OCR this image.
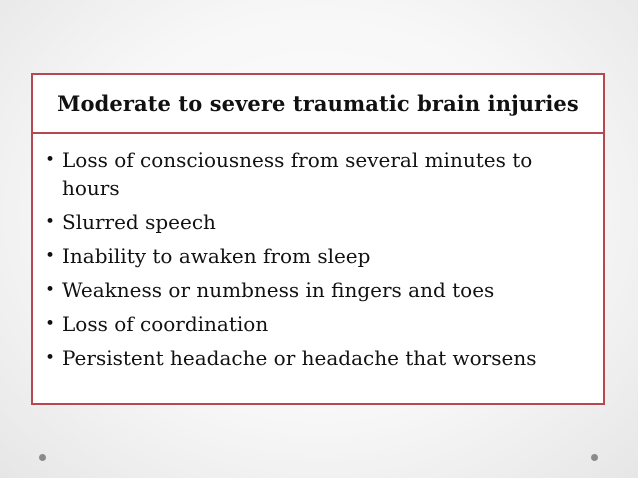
Moderate to severe traumatic brain injuries
• Loss of consciousness from several minutes to hours
• Slurred speech
• Inability to awaken from sleep
• Weakness or numbness in fingers and toes
• Loss of coordination
• Persistent headache or headache that worsens
